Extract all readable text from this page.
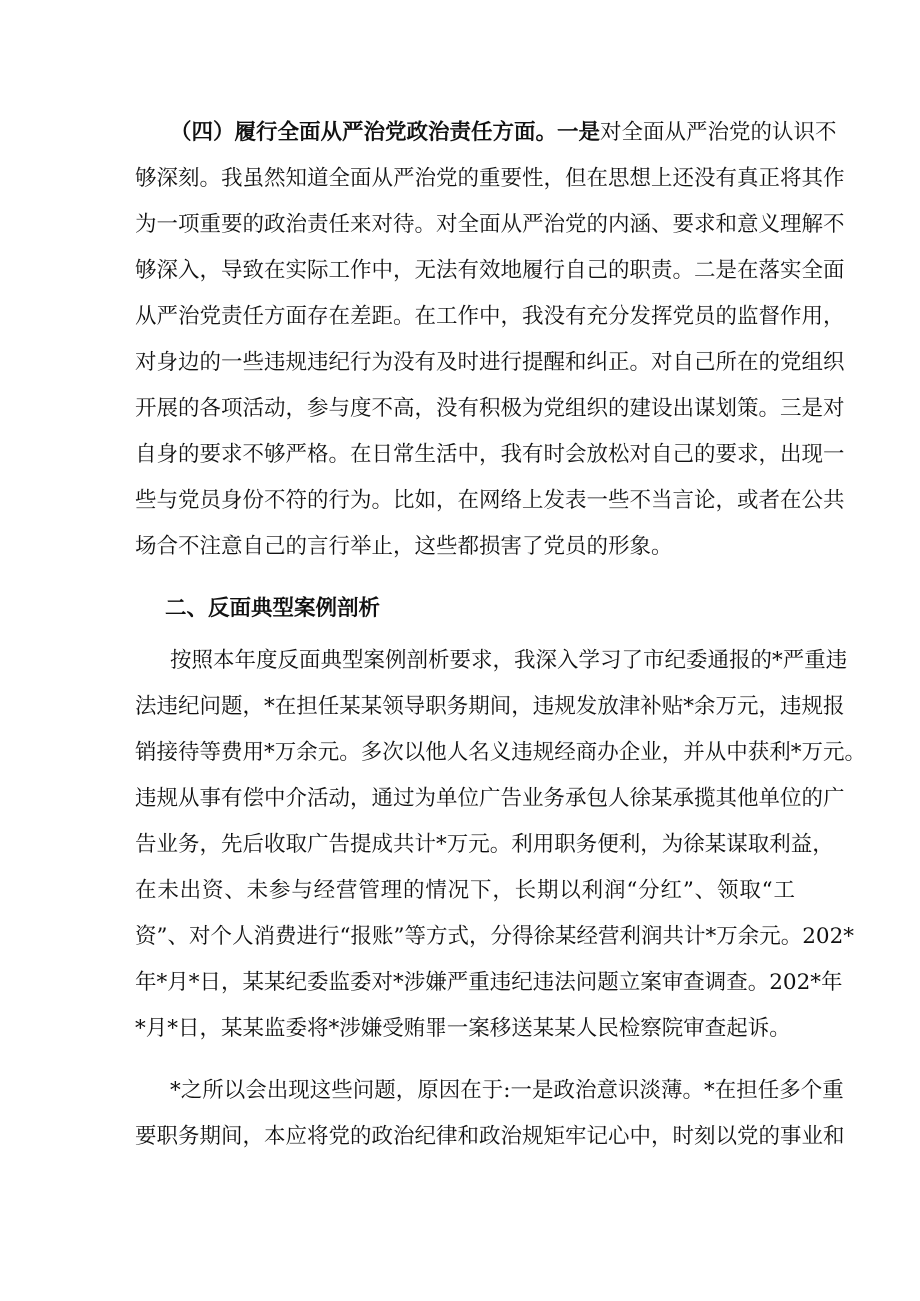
（四）履行全面从严治党政治责任方面。一是对全面从严治党的认识不
够深刻。我虽然知道全面从严治党的重要性，但在思想上还没有真正将其作
为一项重要的政治责任来对待。对全面从严治党的内涵、要求和意义理解不
够深入，导致在实际工作中，无法有效地履行自己的职责。二是在落实全面
从严治党责任方面存在差距。在工作中，我没有充分发挥党员的监督作用，
对身边的一些违规违纪行为没有及时进行提醒和纠正。对自己所在的党组织
开展的各项活动，参与度不高，没有积极为党组织的建设出谋划策。三是对
自身的要求不够严格。在日常生活中，我有时会放松对自己的要求，出现一
些与党员身份不符的行为。比如，在网络上发表一些不当言论，或者在公共
场合不注意自己的言行举止，这些都损害了党员的形象。
二、反面典型案例剖析
按照本年度反面典型案例剖析要求，我深入学习了市纪委通报的*严重违
法违纪问题，*在担任某某领导职务期间，违规发放津补贴*余万元，违规报
销接待等费用*万余元。多次以他人名义违规经商办企业，并从中获利*万元。
违规从事有偿中介活动，通过为单位广告业务承包人徐某承揽其他单位的广
告业务，先后收取广告提成共计*万元。利用职务便利，为徐某谋取利益，
在未出资、未参与经营管理的情况下，长期以利润“分红”、领取“工
资”、对个人消费进行“报账”等方式，分得徐某经营利润共计*万余元。202*
年*月*日，某某纪委监委对*涉嫌严重违纪违法问题立案审查调查。202*年
*月*日，某某监委将*涉嫌受贿罪一案移送某某人民检察院审查起诉。
*之所以会出现这些问题，原因在于:一是政治意识淡薄。*在担任多个重
要职务期间，本应将党的政治纪律和政治规矩牢记心中，时刻以党的事业和
